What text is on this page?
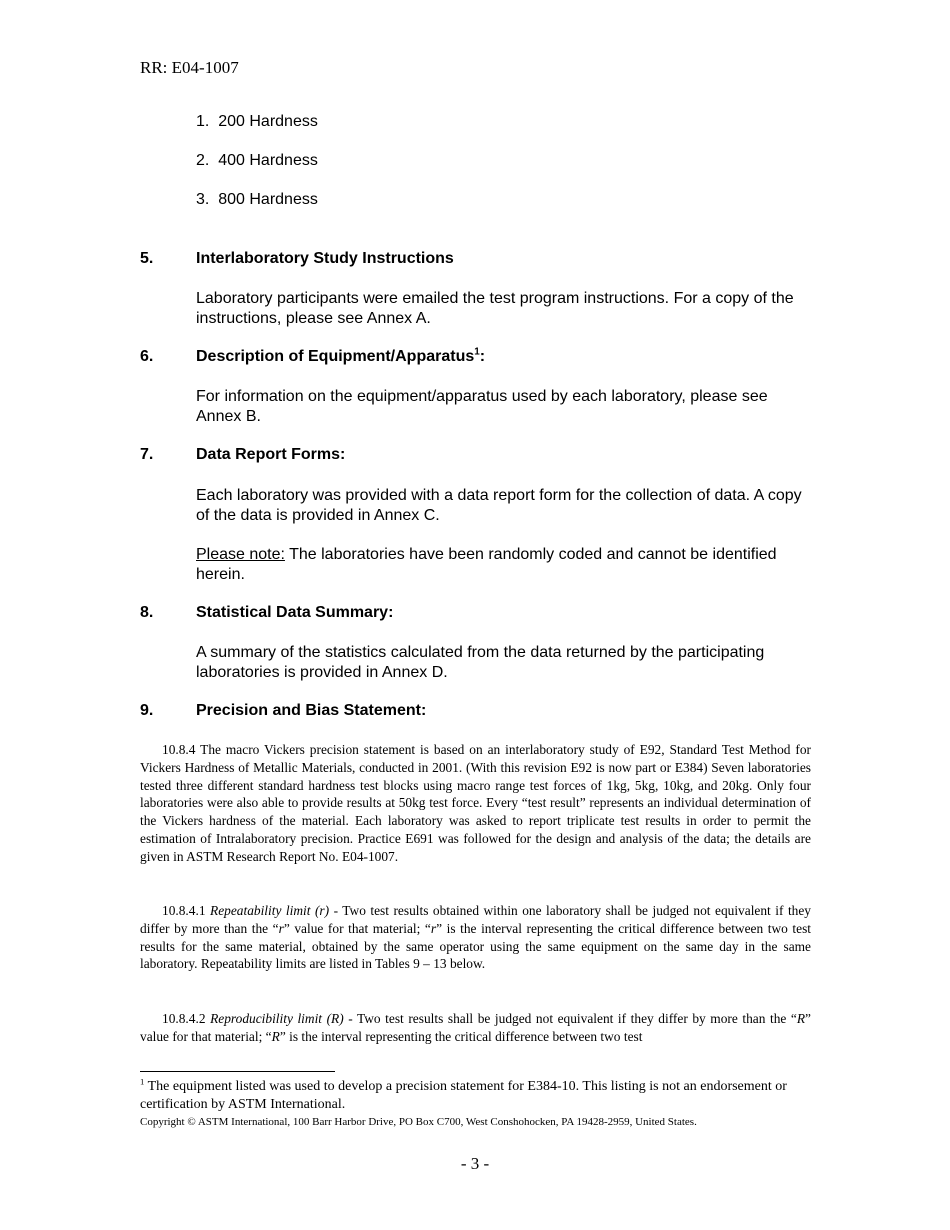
RR: E04-1007
1. 200 Hardness
2. 400 Hardness
3. 800 Hardness
5.	Interlaboratory Study Instructions
Laboratory participants were emailed the test program instructions. For a copy of the instructions, please see Annex A.
6.	Description of Equipment/Apparatus$^1$:
For information on the equipment/apparatus used by each laboratory, please see Annex B.
7.	Data Report Forms:
Each laboratory was provided with a data report form for the collection of data. A copy of the data is provided in Annex C.
Please note: The laboratories have been randomly coded and cannot be identified herein.
8.	Statistical Data Summary:
A summary of the statistics calculated from the data returned by the participating laboratories is provided in Annex D.
9.	Precision and Bias Statement:
10.8.4 The macro Vickers precision statement is based on an interlaboratory study of E92, Standard Test Method for Vickers Hardness of Metallic Materials, conducted in 2001. (With this revision E92 is now part or E384) Seven laboratories tested three different standard hardness test blocks using macro range test forces of 1kg, 5kg, 10kg, and 20kg. Only four laboratories were also able to provide results at 50kg test force. Every “test result” represents an individual determination of the Vickers hardness of the material. Each laboratory was asked to report triplicate test results in order to permit the estimation of Intralaboratory precision. Practice E691 was followed for the design and analysis of the data; the details are given in ASTM Research Report No. E04-1007.
10.8.4.1 Repeatability limit (r) - Two test results obtained within one laboratory shall be judged not equivalent if they differ by more than the “r” value for that material; “r” is the interval representing the critical difference between two test results for the same material, obtained by the same operator using the same equipment on the same day in the same laboratory. Repeatability limits are listed in Tables 9 – 13 below.
10.8.4.2 Reproducibility limit (R) - Two test results shall be judged not equivalent if they differ by more than the “R” value for that material; “R” is the interval representing the critical difference between two test
$^1$ The equipment listed was used to develop a precision statement for E384-10. This listing is not an endorsement or certification by ASTM International.
Copyright © ASTM International, 100 Barr Harbor Drive, PO Box C700, West Conshohocken, PA 19428-2959, United States.
- 3 -
